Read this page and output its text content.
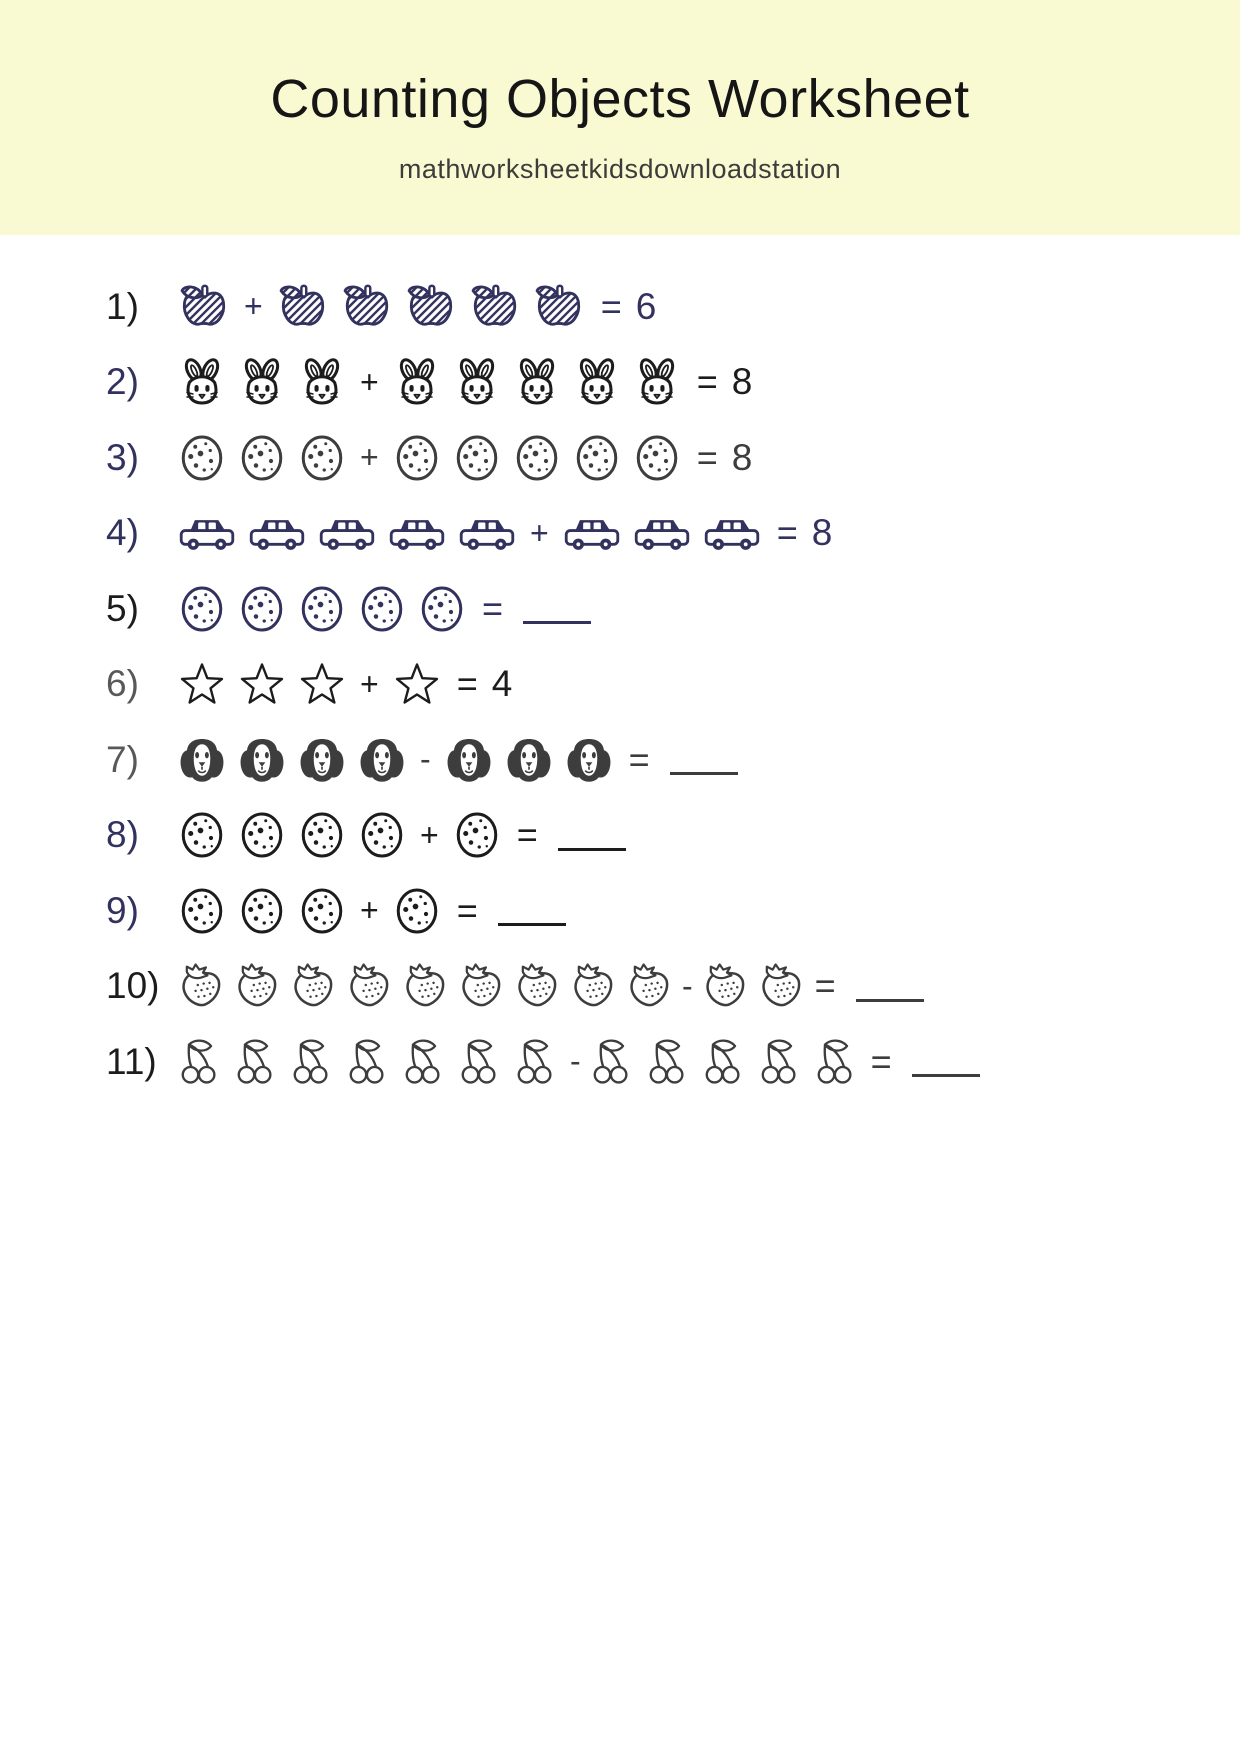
Counting Objects Worksheet
mathworksheetkidsdownloadstation
1)	+	= 6
2)	+	= 8
3)	+	= 8
4)	+	= 8
5)	=
6)	+ = 4
7)	-	=
8)	+ =
9)	+ =
10)	-	=
11)	-	=
